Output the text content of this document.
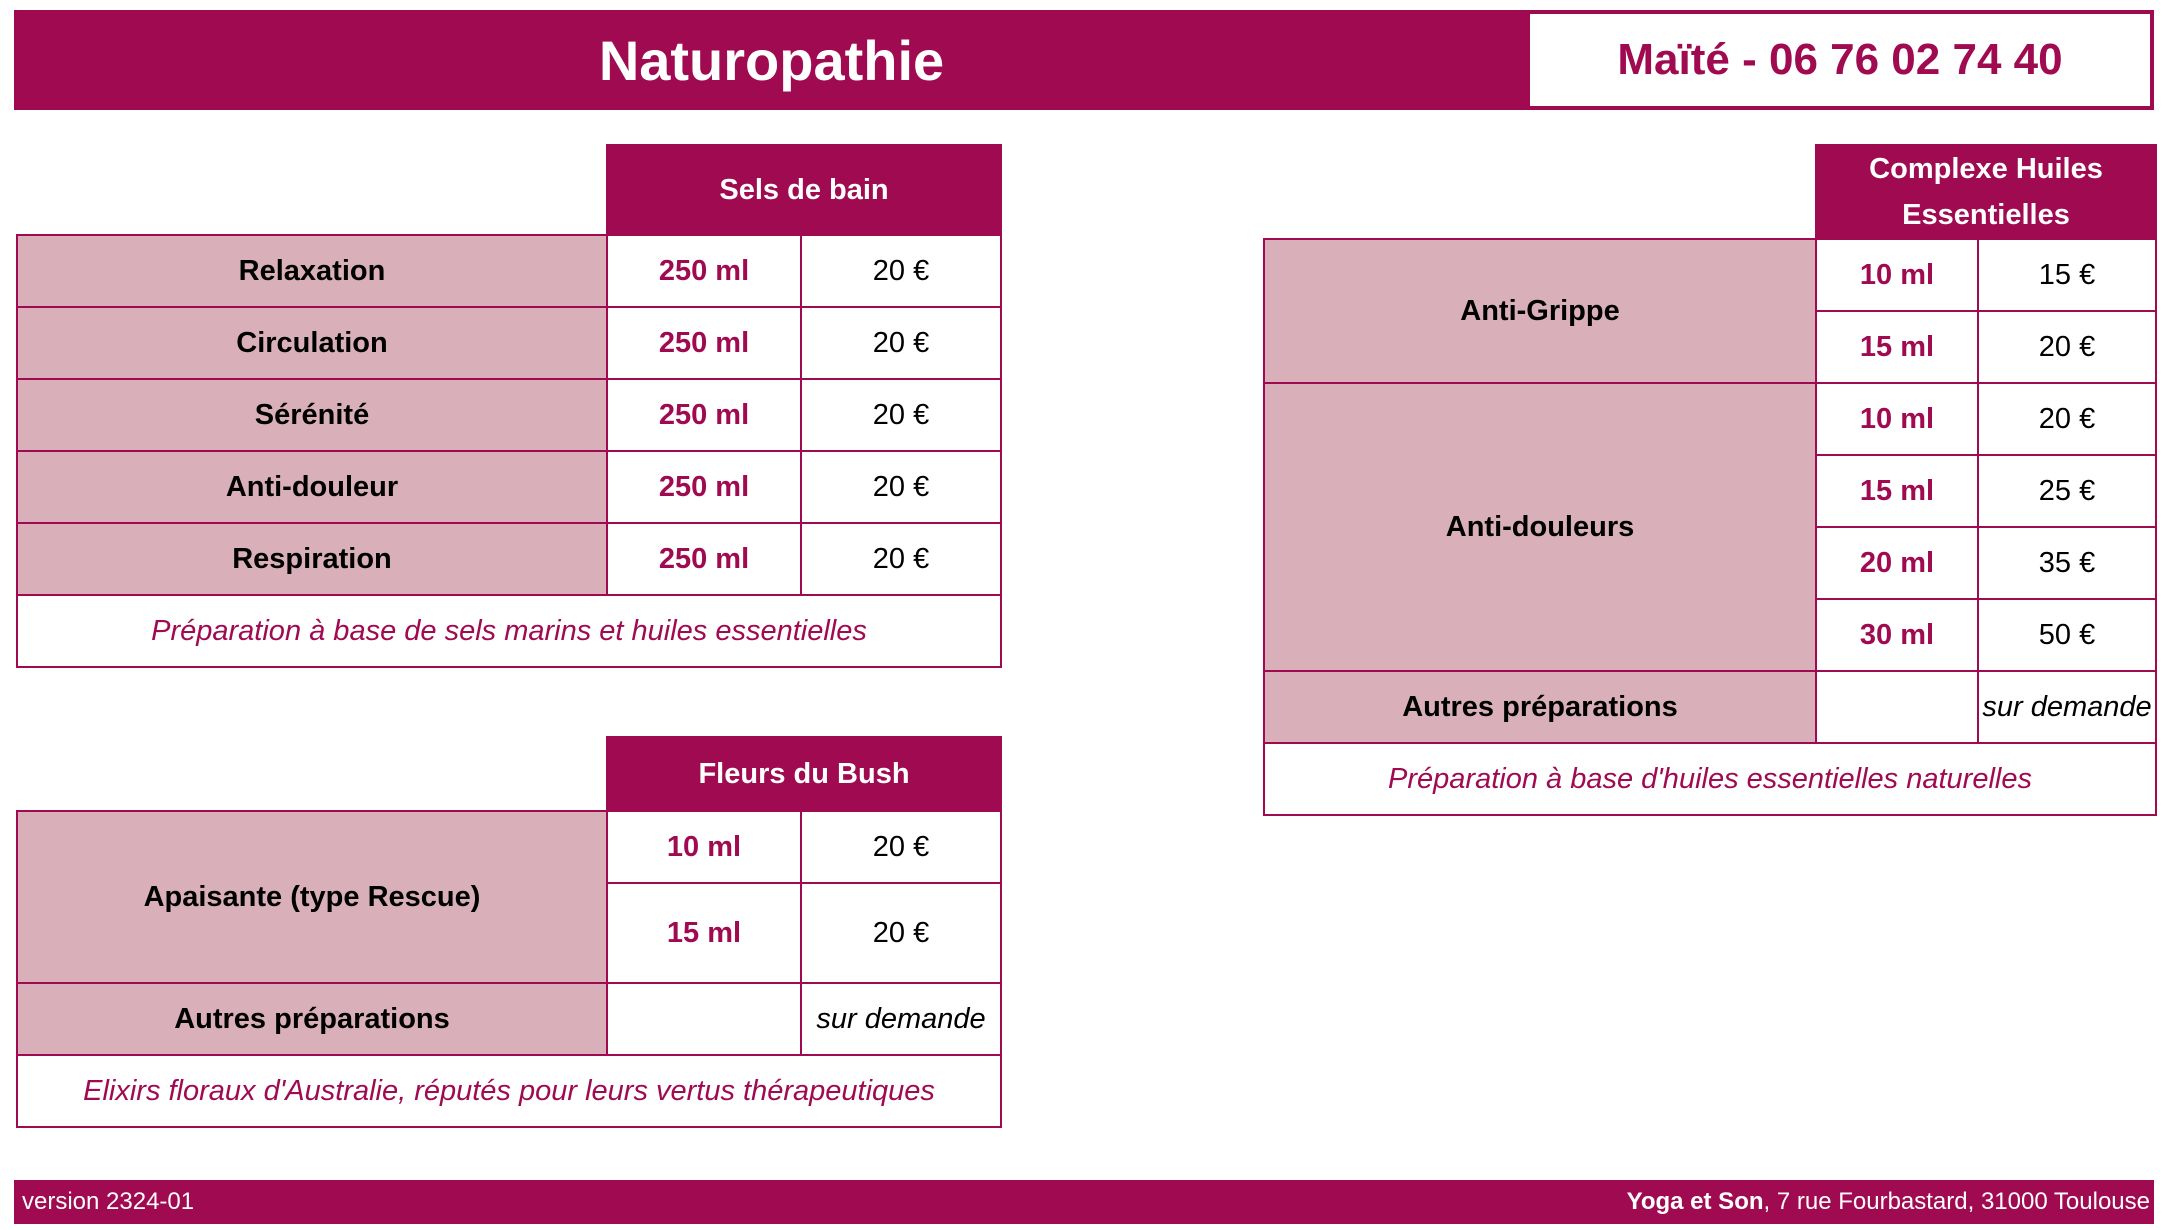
Naturopathie	Maïté - 06 76 02 74 40
	Sels de bain	
Relaxation	250 ml	20 €
Circulation	250 ml	20 €
Sérénité	250 ml	20 €
Anti-douleur	250 ml	20 €
Respiration	250 ml	20 €
Préparation à base de sels marins et huiles essentielles		
	Fleurs du Bush	
Apaisante (type Rescue)	10 ml	20 €
	15 ml	20 €
Autres préparations		sur demande
Elixirs floraux d'Australie, réputés pour leurs vertus thérapeutiques		
	Complexe Huiles
Essentielles	
Anti-Grippe	10 ml	15 €
	15 ml	20 €
Anti-douleurs	10 ml	20 €
	15 ml	25 €
	20 ml	35 €
	30 ml	50 €
Autres préparations		sur demande
Préparation à base d'huiles essentielles naturelles		
version 2324-01	Yoga et Son, 7 rue Fourbastard, 31000 Toulouse
